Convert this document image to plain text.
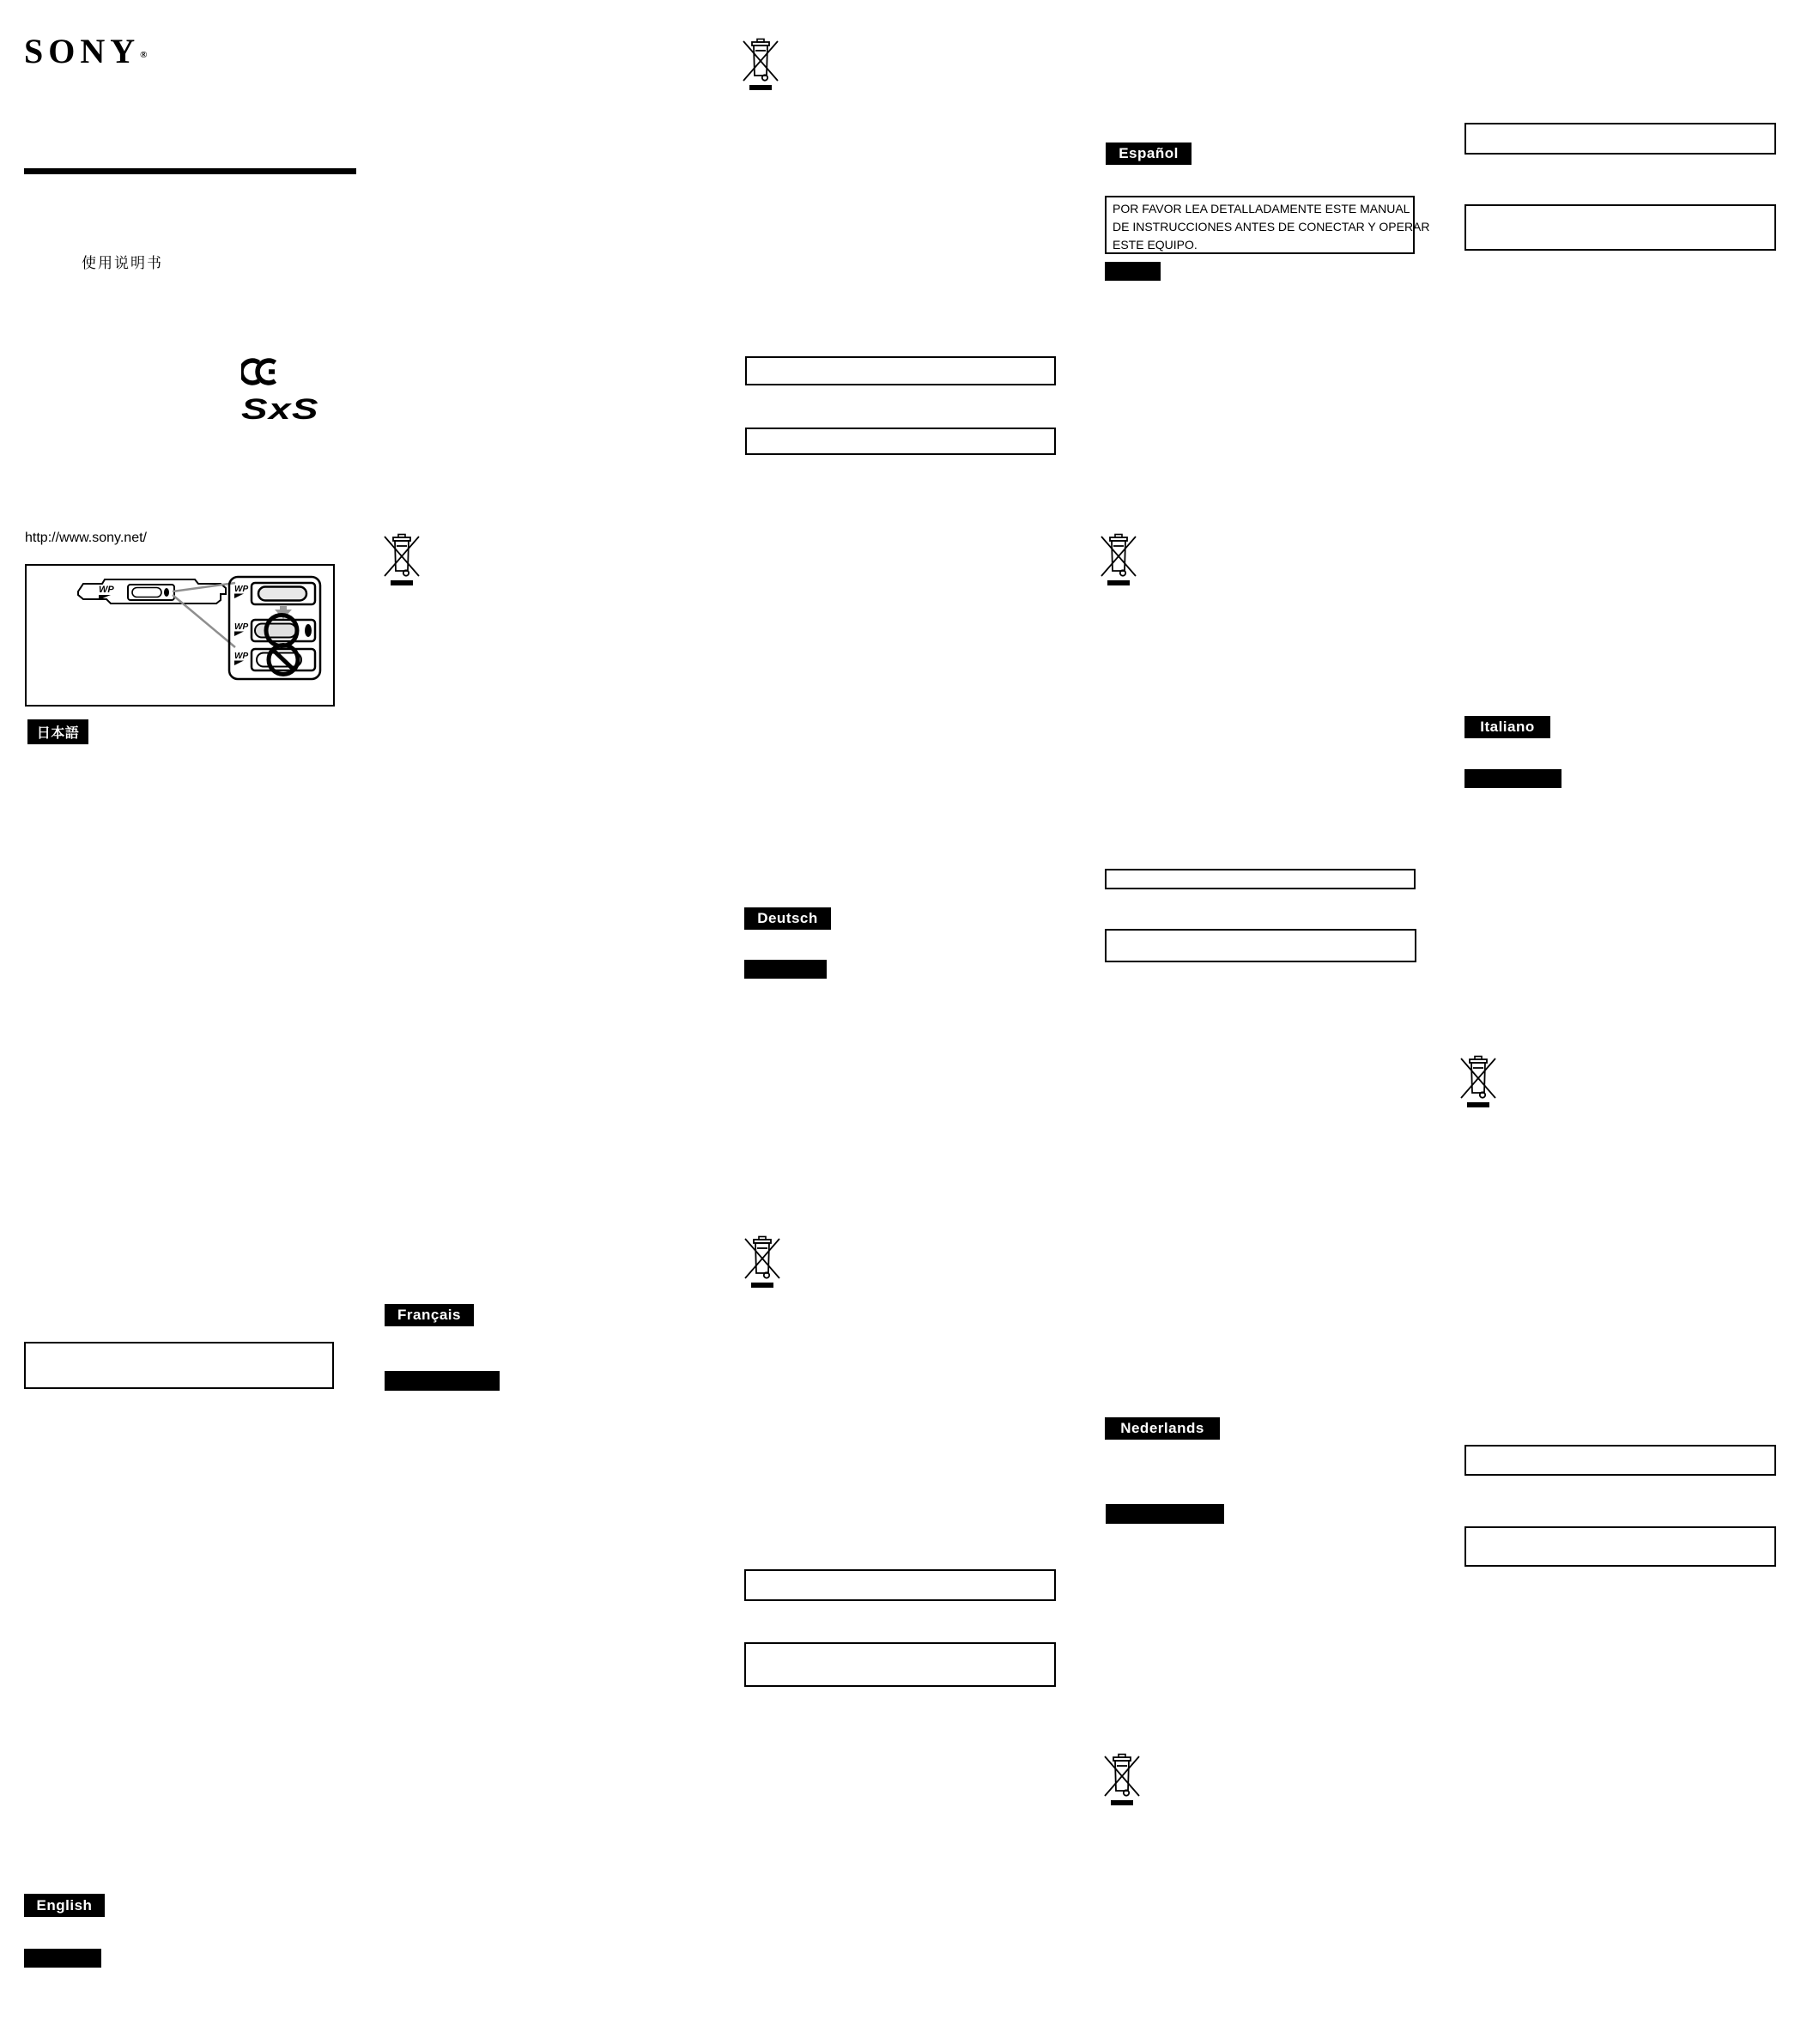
SONY®
使用说明书
SxS
http://www.sony.net/
WP	WP
WP
WP
日本語
English
Français
Deutsch
Español
POR FAVOR LEA DETALLADAMENTE ESTE MANUAL
DE INSTRUCCIONES ANTES DE CONECTAR Y OPERAR
ESTE EQUIPO.
Nederlands
Italiano
